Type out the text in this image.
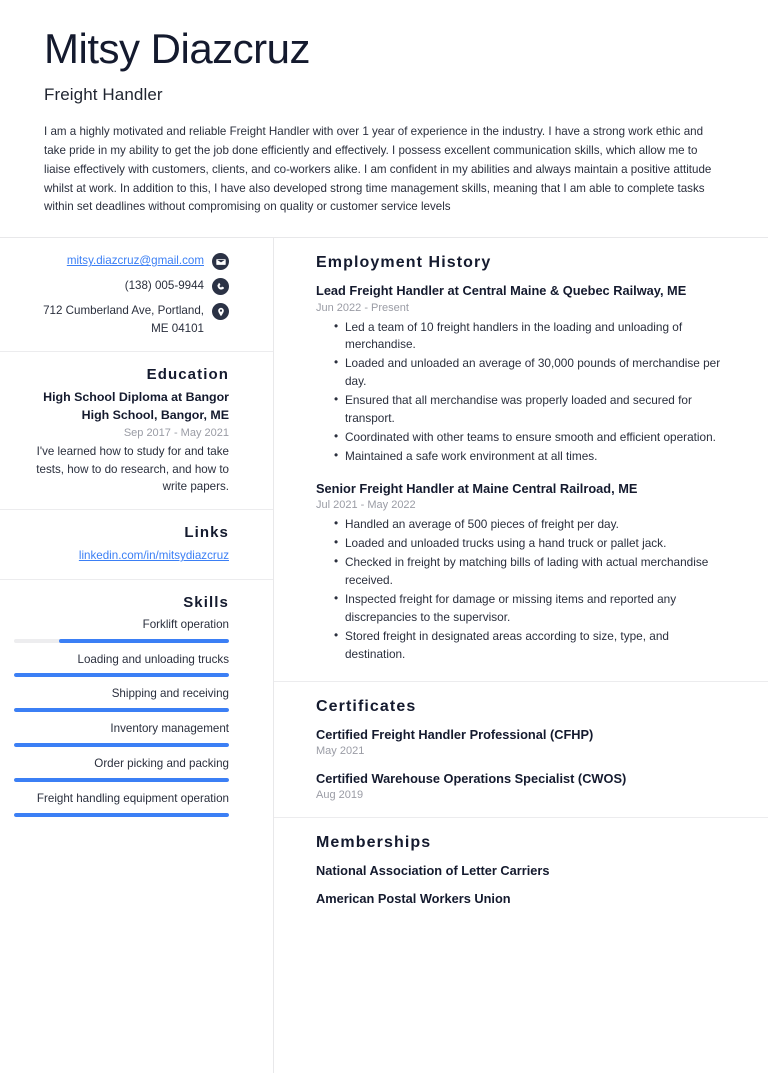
Mitsy Diazcruz
Freight Handler
I am a highly motivated and reliable Freight Handler with over 1 year of experience in the industry. I have a strong work ethic and take pride in my ability to get the job done efficiently and effectively. I possess excellent communication skills, which allow me to liaise effectively with customers, clients, and co-workers alike. I am confident in my abilities and always maintain a positive attitude whilst at work. In addition to this, I have also developed strong time management skills, meaning that I am able to complete tasks within set deadlines without compromising on quality or customer service levels
mitsy.diazcruz@gmail.com
(138) 005-9944
712 Cumberland Ave, Portland, ME 04101
Education
High School Diploma at Bangor High School, Bangor, ME
Sep 2017 - May 2021
I've learned how to study for and take tests, how to do research, and how to write papers.
Links
linkedin.com/in/mitsydiazcruz
Skills
Forklift operation
Loading and unloading trucks
Shipping and receiving
Inventory management
Order picking and packing
Freight handling equipment operation
Employment History
Lead Freight Handler at Central Maine & Quebec Railway, ME
Jun 2022 - Present
• Led a team of 10 freight handlers in the loading and unloading of merchandise.
• Loaded and unloaded an average of 30,000 pounds of merchandise per day.
• Ensured that all merchandise was properly loaded and secured for transport.
• Coordinated with other teams to ensure smooth and efficient operation.
• Maintained a safe work environment at all times.
Senior Freight Handler at Maine Central Railroad, ME
Jul 2021 - May 2022
• Handled an average of 500 pieces of freight per day.
• Loaded and unloaded trucks using a hand truck or pallet jack.
• Checked in freight by matching bills of lading with actual merchandise received.
• Inspected freight for damage or missing items and reported any discrepancies to the supervisor.
• Stored freight in designated areas according to size, type, and destination.
Certificates
Certified Freight Handler Professional (CFHP)
May 2021
Certified Warehouse Operations Specialist (CWOS)
Aug 2019
Memberships
National Association of Letter Carriers
American Postal Workers Union
